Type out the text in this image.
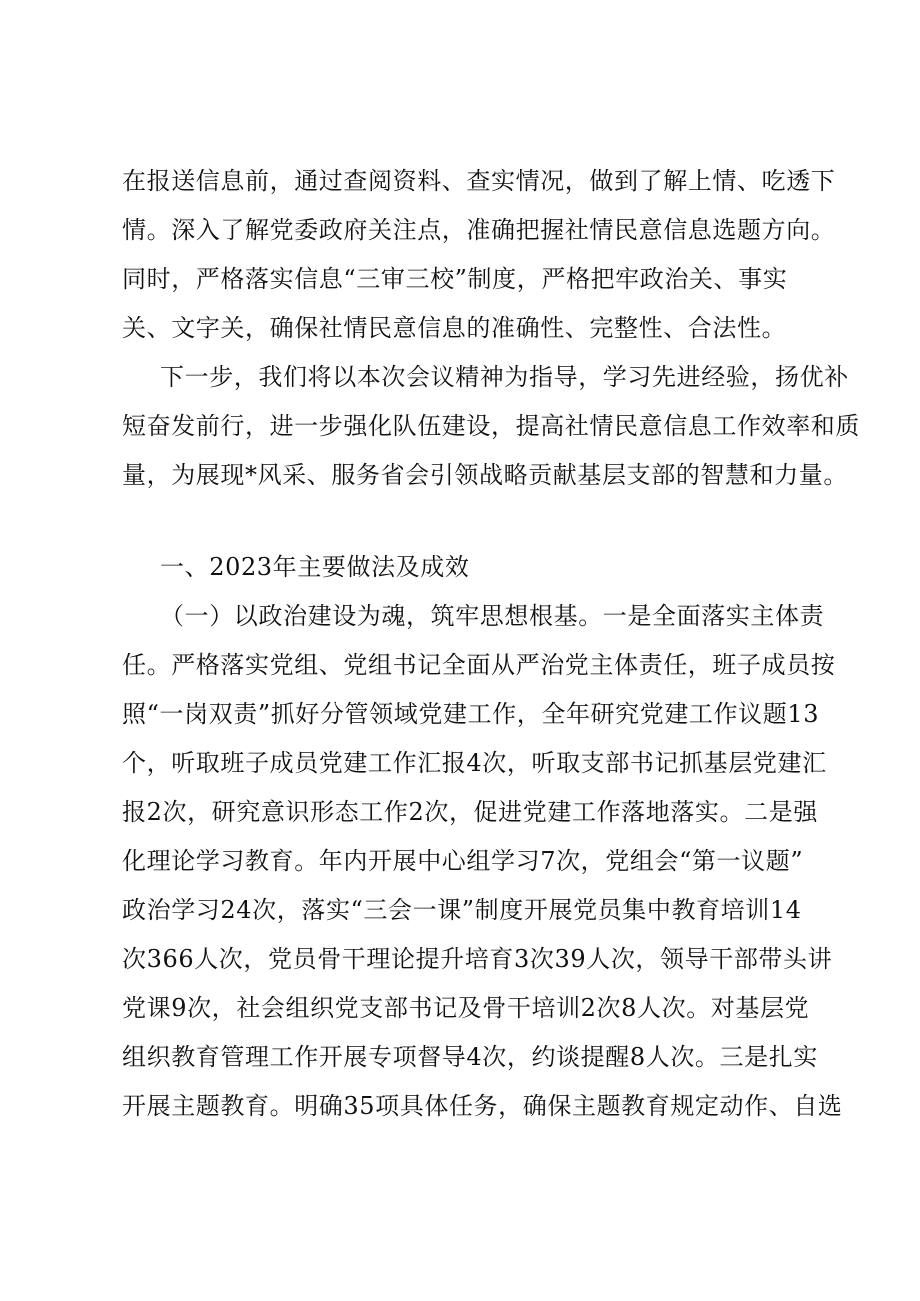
在报送信息前，通过查阅资料、查实情况，做到了解上情、吃透下
情。深入了解党委政府关注点，准确把握社情民意信息选题方向。
同时，严格落实信息“三审三校”制度，严格把牢政治关、事实
关、文字关，确保社情民意信息的准确性、完整性、合法性。
下一步，我们将以本次会议精神为指导，学习先进经验，扬优补
短奋发前行，进一步强化队伍建设，提高社情民意信息工作效率和质
量，为展现*风采、服务省会引领战略贡献基层支部的智慧和力量。
一、2023年主要做法及成效
（一）以政治建设为魂，筑牢思想根基。一是全面落实主体责
任。严格落实党组、党组书记全面从严治党主体责任，班子成员按
照“一岗双责”抓好分管领域党建工作，全年研究党建工作议题13
个，听取班子成员党建工作汇报4次，听取支部书记抓基层党建汇
报2次，研究意识形态工作2次，促进党建工作落地落实。二是强
化理论学习教育。年内开展中心组学习7次，党组会“第一议题”
政治学习24次，落实“三会一课”制度开展党员集中教育培训14
次366人次，党员骨干理论提升培育3次39人次，领导干部带头讲
党课9次，社会组织党支部书记及骨干培训2次8人次。对基层党
组织教育管理工作开展专项督导4次，约谈提醒8人次。三是扎实
开展主题教育。明确35项具体任务，确保主题教育规定动作、自选
